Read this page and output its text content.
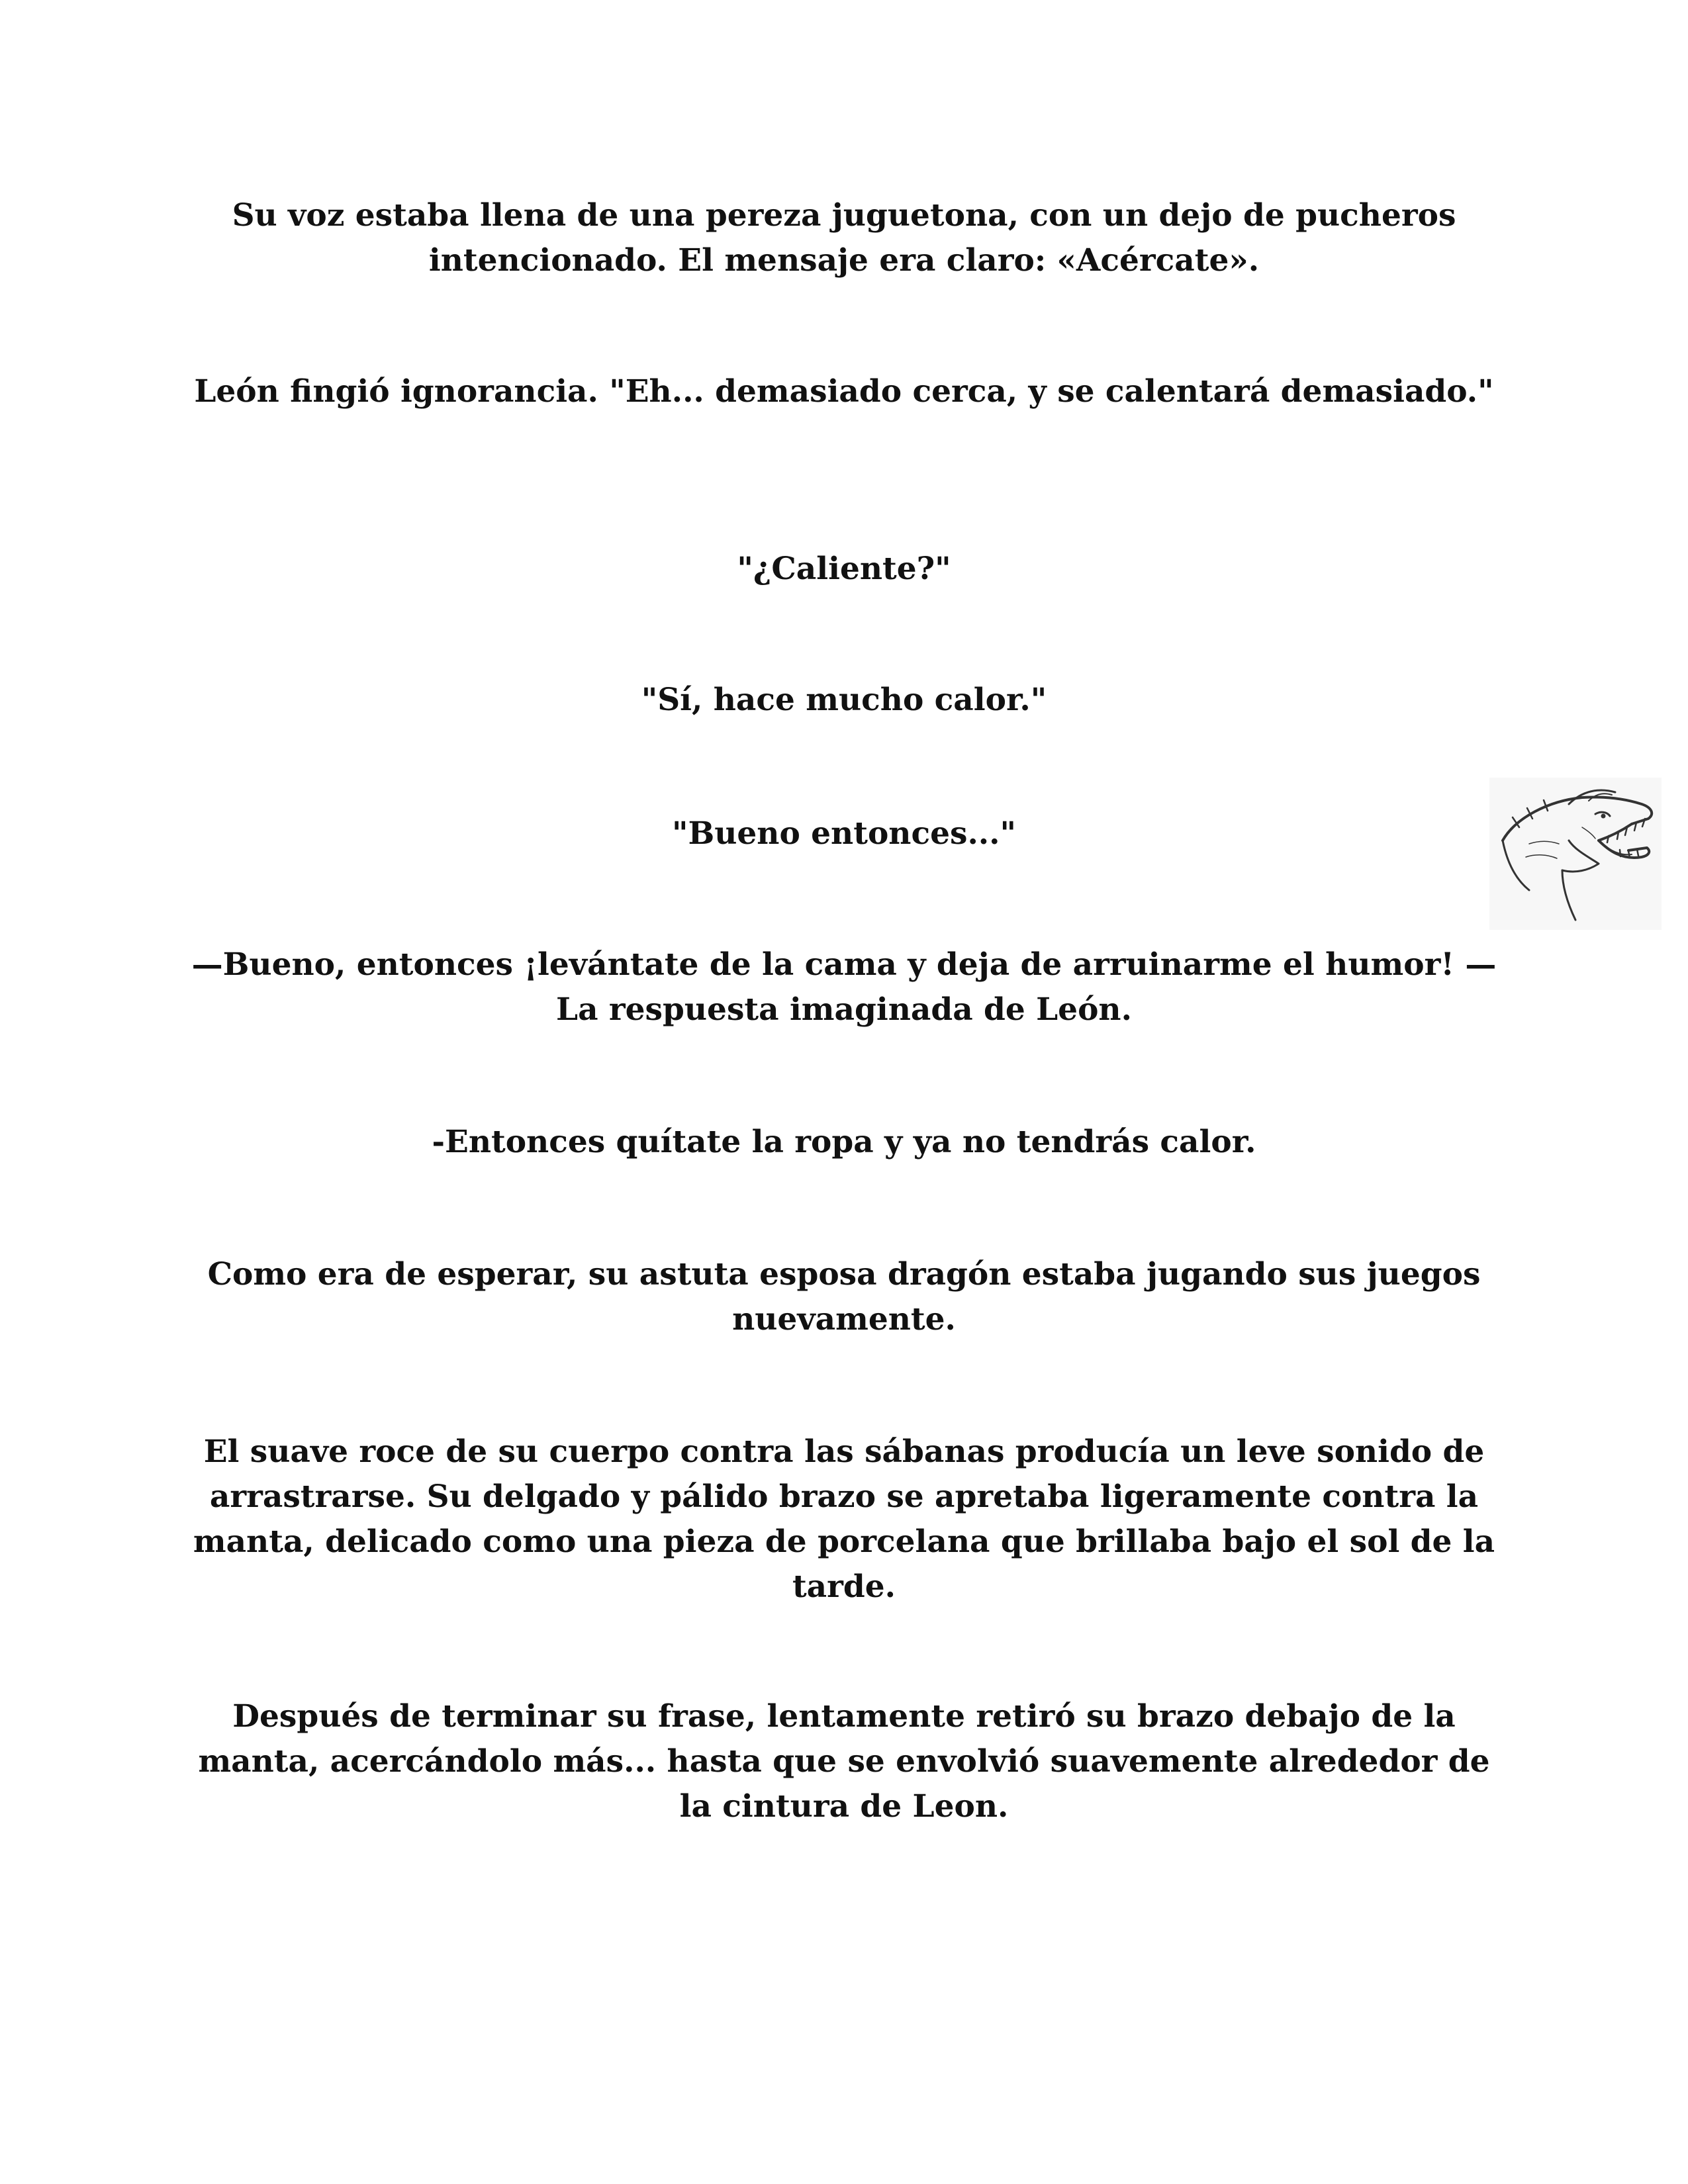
Su voz estaba llena de una pereza juguetona, con un dejo de pucheros intencionado. El mensaje era claro: «Acércate».

León fingió ignorancia. "Eh... demasiado cerca, y se calentará demasiado."

"¿Caliente?"

"Sí, hace mucho calor."

"Bueno entonces..."

—Bueno, entonces ¡levántate de la cama y deja de arruinarme el humor! —La respuesta imaginada de León.

-Entonces quítate la ropa y ya no tendrás calor.

Como era de esperar, su astuta esposa dragón estaba jugando sus juegos nuevamente.

El suave roce de su cuerpo contra las sábanas producía un leve sonido de arrastrarse. Su delgado y pálido brazo se apretaba ligeramente contra la manta, delicado como una pieza de porcelana que brillaba bajo el sol de la tarde.

Después de terminar su frase, lentamente retiró su brazo debajo de la manta, acercándolo más... hasta que se envolvió suavemente alrededor de la cintura de Leon.
